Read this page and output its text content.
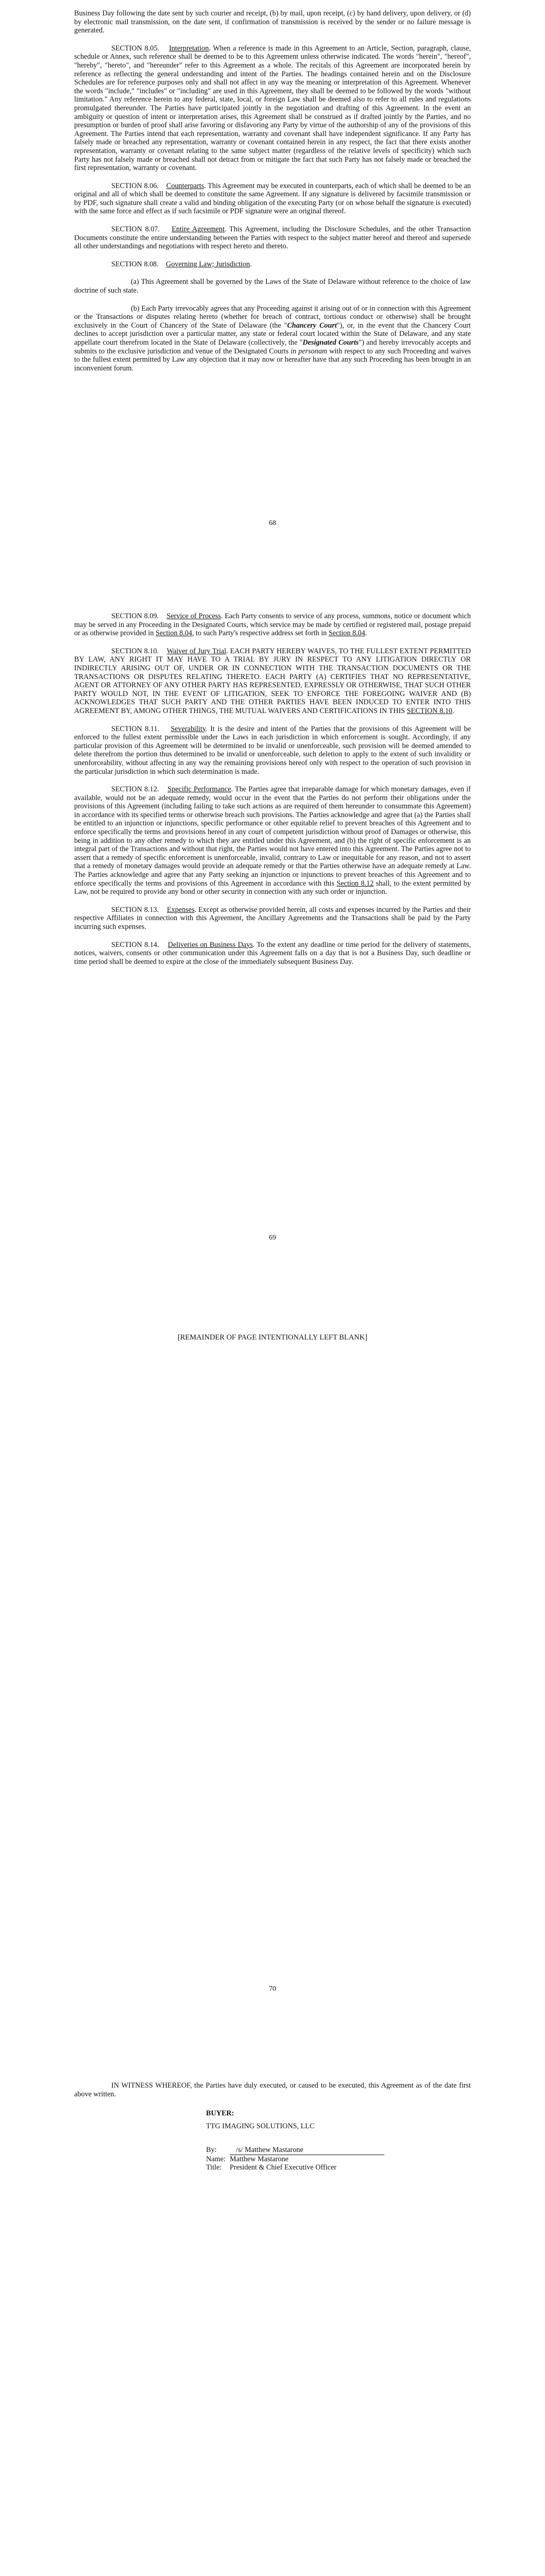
Business Day following the date sent by such courier and receipt, (b) by mail, upon receipt, (c) by hand delivery, upon delivery, or (d) by electronic mail transmission, on the date sent, if confirmation of transmission is received by the sender or no failure message is generated.

SECTION 8.05. Interpretation. When a reference is made in this Agreement to an Article, Section, paragraph, clause, schedule or Annex, such reference shall be deemed to be to this Agreement unless otherwise indicated. The words "herein", "hereof", "hereby", "hereto", and "hereunder" refer to this Agreement as a whole. The recitals of this Agreement are incorporated herein by reference as reflecting the general understanding and intent of the Parties. The headings contained herein and on the Disclosure Schedules are for reference purposes only and shall not affect in any way the meaning or interpretation of this Agreement. Whenever the words "include," "includes" or "including" are used in this Agreement, they shall be deemed to be followed by the words "without limitation." Any reference herein to any federal, state, local, or foreign Law shall be deemed also to refer to all rules and regulations promulgated thereunder. The Parties have participated jointly in the negotiation and drafting of this Agreement. In the event an ambiguity or question of intent or interpretation arises, this Agreement shall be construed as if drafted jointly by the Parties, and no presumption or burden of proof shall arise favoring or disfavoring any Party by virtue of the authorship of any of the provisions of this Agreement. The Parties intend that each representation, warranty and covenant shall have independent significance. If any Party has falsely made or breached any representation, warranty or covenant contained herein in any respect, the fact that there exists another representation, warranty or covenant relating to the same subject matter (regardless of the relative levels of specificity) which such Party has not falsely made or breached shall not detract from or mitigate the fact that such Party has not falsely made or breached the first representation, warranty or covenant.

SECTION 8.06. Counterparts. This Agreement may be executed in counterparts, each of which shall be deemed to be an original and all of which shall be deemed to constitute the same Agreement. If any signature is delivered by facsimile transmission or by PDF, such signature shall create a valid and binding obligation of the executing Party (or on whose behalf the signature is executed) with the same force and effect as if such facsimile or PDF signature were an original thereof.

SECTION 8.07. Entire Agreement. This Agreement, including the Disclosure Schedules, and the other Transaction Documents constitute the entire understanding between the Parties with respect to the subject matter hereof and thereof and supersede all other understandings and negotiations with respect hereto and thereto.

SECTION 8.08. Governing Law; Jurisdiction.

(a) This Agreement shall be governed by the Laws of the State of Delaware without reference to the choice of law doctrine of such state.

(b) Each Party irrevocably agrees that any Proceeding against it arising out of or in connection with this Agreement or the Transactions or disputes relating hereto (whether for breach of contract, tortious conduct or otherwise) shall be brought exclusively in the Court of Chancery of the State of Delaware (the "Chancery Court"), or, in the event that the Chancery Court declines to accept jurisdiction over a particular matter, any state or federal court located within the State of Delaware, and any state appellate court therefrom located in the State of Delaware (collectively, the "Designated Courts") and hereby irrevocably accepts and submits to the exclusive jurisdiction and venue of the Designated Courts in personam with respect to any such Proceeding and waives to the fullest extent permitted by Law any objection that it may now or hereafter have that any such Proceeding has been brought in an inconvenient forum.

68

SECTION 8.09. Service of Process. Each Party consents to service of any process, summons, notice or document which may be served in any Proceeding in the Designated Courts, which service may be made by certified or registered mail, postage prepaid or as otherwise provided in Section 8.04, to such Party's respective address set forth in Section 8.04.

SECTION 8.10. Waiver of Jury Trial. EACH PARTY HEREBY WAIVES, TO THE FULLEST EXTENT PERMITTED BY LAW, ANY RIGHT IT MAY HAVE TO A TRIAL BY JURY IN RESPECT TO ANY LITIGATION DIRECTLY OR INDIRECTLY ARISING OUT OF, UNDER OR IN CONNECTION WITH THE TRANSACTION DOCUMENTS OR THE TRANSACTIONS OR DISPUTES RELATING THERETO. EACH PARTY (A) CERTIFIES THAT NO REPRESENTATIVE, AGENT OR ATTORNEY OF ANY OTHER PARTY HAS REPRESENTED, EXPRESSLY OR OTHERWISE, THAT SUCH OTHER PARTY WOULD NOT, IN THE EVENT OF LITIGATION, SEEK TO ENFORCE THE FOREGOING WAIVER AND (B) ACKNOWLEDGES THAT SUCH PARTY AND THE OTHER PARTIES HAVE BEEN INDUCED TO ENTER INTO THIS AGREEMENT BY, AMONG OTHER THINGS, THE MUTUAL WAIVERS AND CERTIFICATIONS IN THIS SECTION 8.10.

SECTION 8.11. Severability. It is the desire and intent of the Parties that the provisions of this Agreement will be enforced to the fullest extent permissible under the Laws in each jurisdiction in which enforcement is sought. Accordingly, if any particular provision of this Agreement will be determined to be invalid or unenforceable, such provision will be deemed amended to delete therefrom the portion thus determined to be invalid or unenforceable, such deletion to apply to the extent of such invalidity or unenforceability, without affecting in any way the remaining provisions hereof only with respect to the operation of such provision in the particular jurisdiction in which such determination is made.

SECTION 8.12. Specific Performance. The Parties agree that irreparable damage for which monetary damages, even if available, would not be an adequate remedy, would occur in the event that the Parties do not perform their obligations under the provisions of this Agreement (including failing to take such actions as are required of them hereunder to consummate this Agreement) in accordance with its specified terms or otherwise breach such provisions. The Parties acknowledge and agree that (a) the Parties shall be entitled to an injunction or injunctions, specific performance or other equitable relief to prevent breaches of this Agreement and to enforce specifically the terms and provisions hereof in any court of competent jurisdiction without proof of Damages or otherwise, this being in addition to any other remedy to which they are entitled under this Agreement, and (b) the right of specific enforcement is an integral part of the Transactions and without that right, the Parties would not have entered into this Agreement. The Parties agree not to assert that a remedy of specific enforcement is unenforceable, invalid, contrary to Law or inequitable for any reason, and not to assert that a remedy of monetary damages would provide an adequate remedy or that the Parties otherwise have an adequate remedy at Law. The Parties acknowledge and agree that any Party seeking an injunction or injunctions to prevent breaches of this Agreement and to enforce specifically the terms and provisions of this Agreement in accordance with this Section 8.12 shall, to the extent permitted by Law, not be required to provide any bond or other security in connection with any such order or injunction.

SECTION 8.13. Expenses. Except as otherwise provided herein, all costs and expenses incurred by the Parties and their respective Affiliates in connection with this Agreement, the Ancillary Agreements and the Transactions shall be paid by the Party incurring such expenses.

SECTION 8.14. Deliveries on Business Days. To the extent any deadline or time period for the delivery of statements, notices, waivers, consents or other communication under this Agreement falls on a day that is not a Business Day, such deadline or time period shall be deemed to expire at the close of the immediately subsequent Business Day.

69
[REMAINDER OF PAGE INTENTIONALLY LEFT BLANK]
70

IN WITNESS WHEREOF, the Parties have duly executed, or caused to be executed, this Agreement as of the date first above written.

BUYER:
TTG IMAGING SOLUTIONS, LLC
By:	/s/ Matthew Mastarone
Name: Matthew Mastarone
Title:	President & Chief Executive Officer
